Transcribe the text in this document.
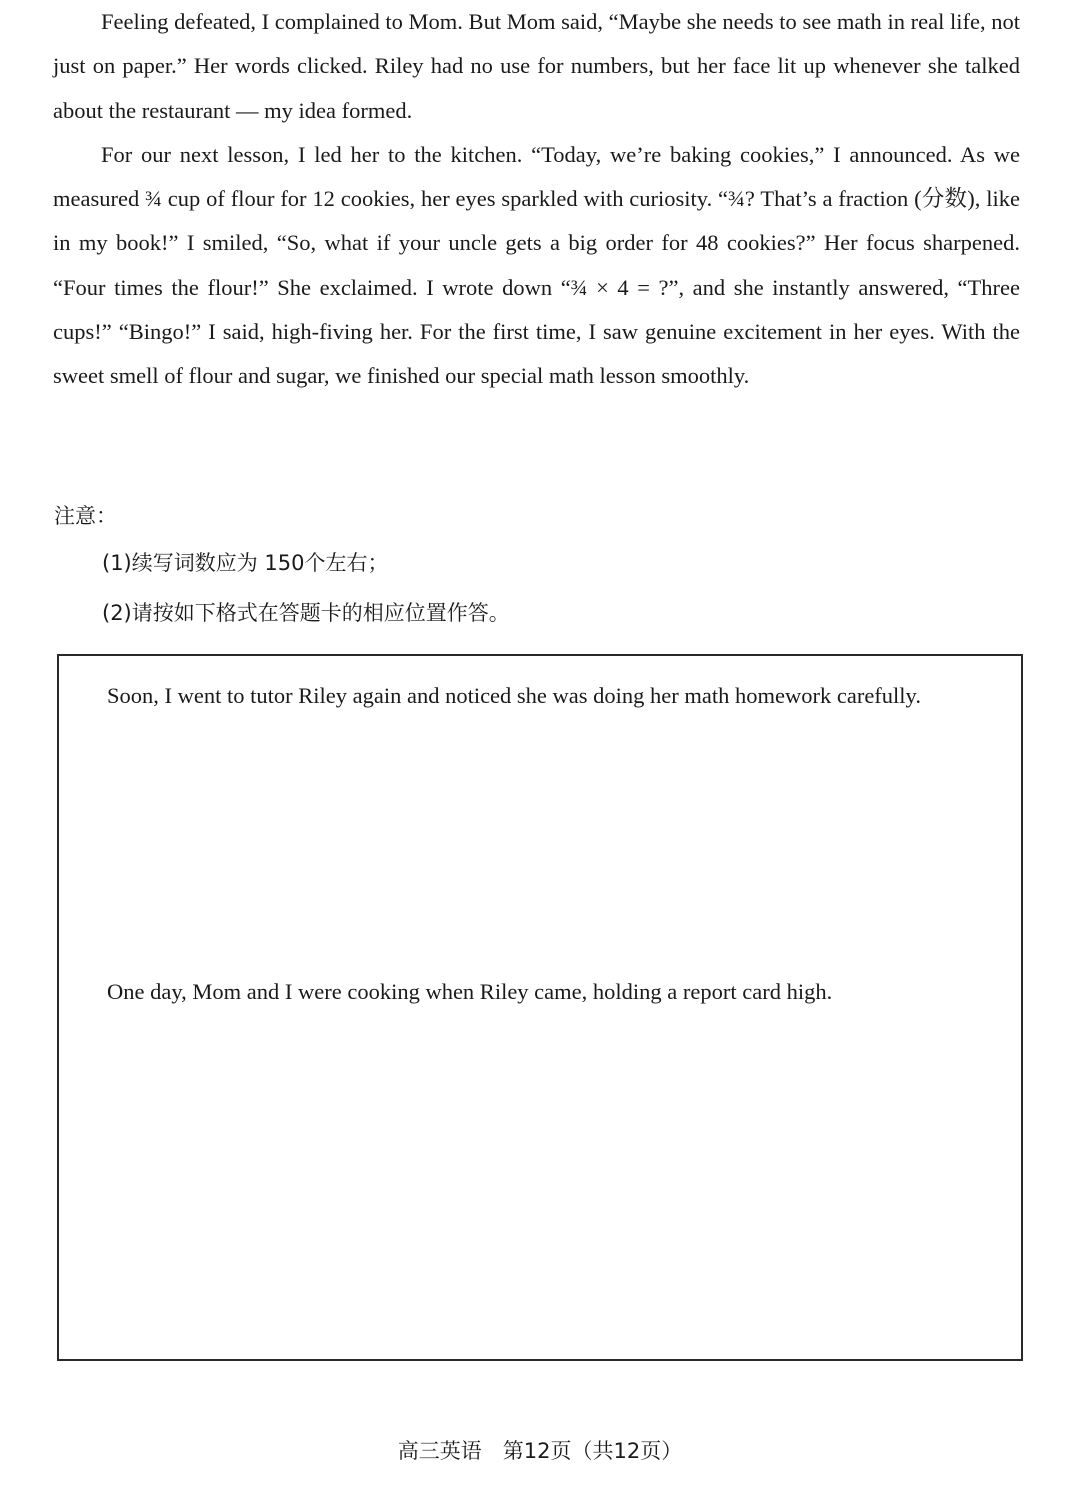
Feeling defeated, I complained to Mom. But Mom said, “Maybe she needs to see math in real life, not just on paper.” Her words clicked. Riley had no use for numbers, but her face lit up whenever she talked about the restaurant — my idea formed.

For our next lesson, I led her to the kitchen. “Today, we’re baking cookies,” I announced. As we measured ¾ cup of flour for 12 cookies, her eyes sparkled with curiosity. “¾? That’s a fraction (分数), like in my book!” I smiled, “So, what if your uncle gets a big order for 48 cookies?” Her focus sharpened. “Four times the flour!” She exclaimed. I wrote down “¾ × 4 = ?”, and she instantly answered, “Three cups!” “Bingo!” I said, high-fiving her. For the first time, I saw genuine excitement in her eyes. With the sweet smell of flour and sugar, we finished our special math lesson smoothly.

注意：
(1)续写词数应为 150个左右；
(2)请按如下格式在答题卡的相应位置作答。

Soon, I went to tutor Riley again and noticed she was doing her math homework carefully.

One day, Mom and I were cooking when Riley came, holding a report card high.

高三英语　第12页（共12页）
